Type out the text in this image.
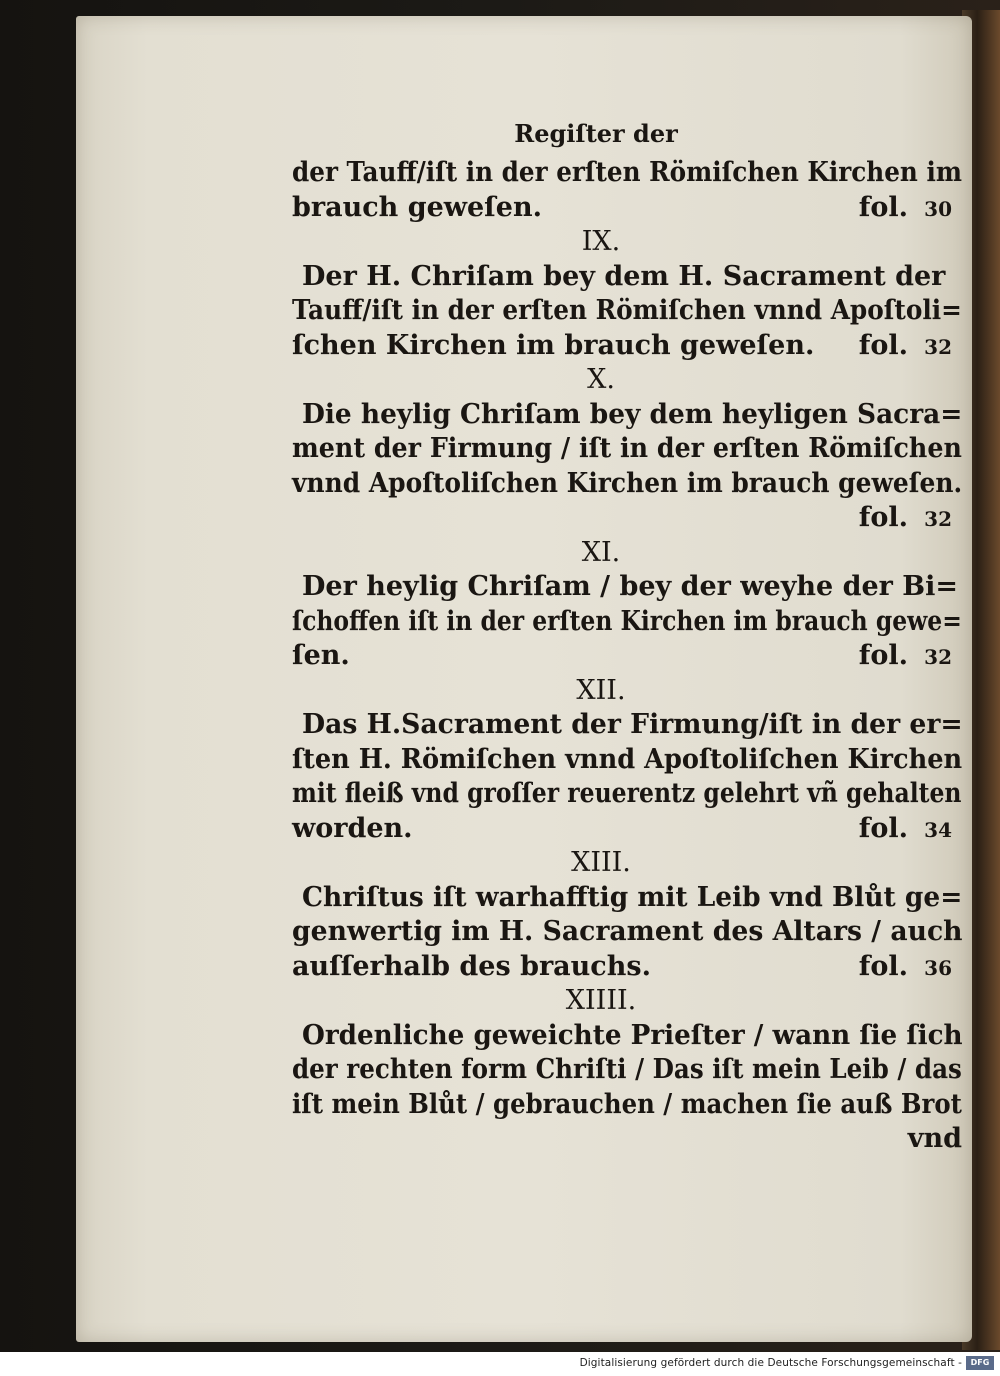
Regiſter der
der Tauff/iſt in der erſten Römiſchen Kirchen im
brauch geweſen.	fol. 30
IX.
Der H. Chriſam bey dem H. Sacrament der
Tauff/iſt in der erſten Römiſchen vnnd Apoſtoli=
ſchen Kirchen im brauch geweſen. fol. 32
X.
Die heylig Chriſam bey dem heyligen Sacra=
ment der Firmung / iſt in der erſten Römiſchen
vnnd Apoſtoliſchen Kirchen im brauch geweſen.
fol. 32
XI.
Der heylig Chriſam / bey der weyhe der Bi=
ſchoffen iſt in der erſten Kirchen im brauch gewe=
ſen.	fol. 32
XII.
Das H.Sacrament der Firmung/iſt in der er=
ſten H. Römiſchen vnnd Apoſtoliſchen Kirchen
mit fleiß vnd groſſer reuerentz gelehrt vñ gehalten
worden.	fol. 34
XIII.
Chriſtus iſt warhafftig mit Leib vnd Blůt ge=
genwertig im H. Sacrament des Altars / auch
auſſerhalb des brauchs.	fol. 36
XIIII.
Ordenliche geweichte Prieſter / wann ſie ſich
der rechten form Chriſti / Das iſt mein Leib / das
iſt mein Blůt / gebrauchen / machen ſie auß Brot
vnd
Digitalisierung gefördert durch die Deutsche Forschungsgemeinschaft -	DFG
